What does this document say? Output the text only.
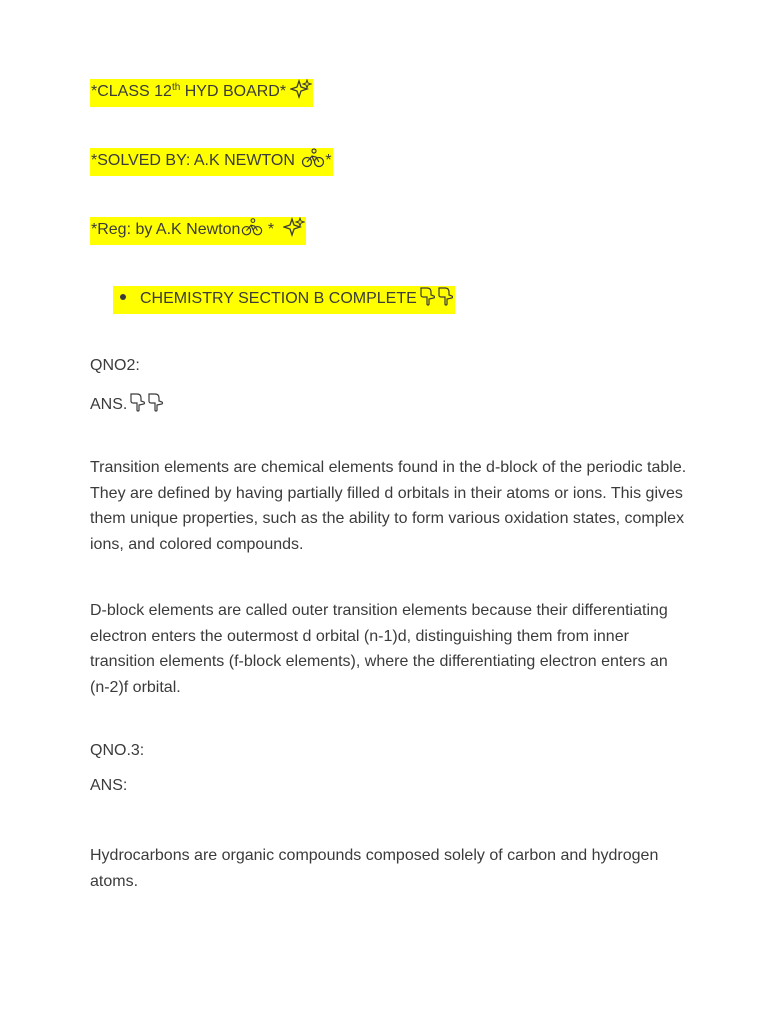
*CLASS 12th HYD BOARD*
*SOLVED BY: A.K NEWTON *
*Reg: by A.K Newton *
CHEMISTRY SECTION B COMPLETE
QNO2:
ANS.

Transition elements are chemical elements found in the d-block of the periodic table. They are defined by having partially filled d orbitals in their atoms or ions. This gives them unique properties, such as the ability to form various oxidation states, complex ions, and colored compounds.

D-block elements are called outer transition elements because their differentiating electron enters the outermost d orbital (n-1)d, distinguishing them from inner transition elements (f-block elements), where the differentiating electron enters an (n-2)f orbital.

QNO.3:
ANS:

Hydrocarbons are organic compounds composed solely of carbon and hydrogen atoms.
